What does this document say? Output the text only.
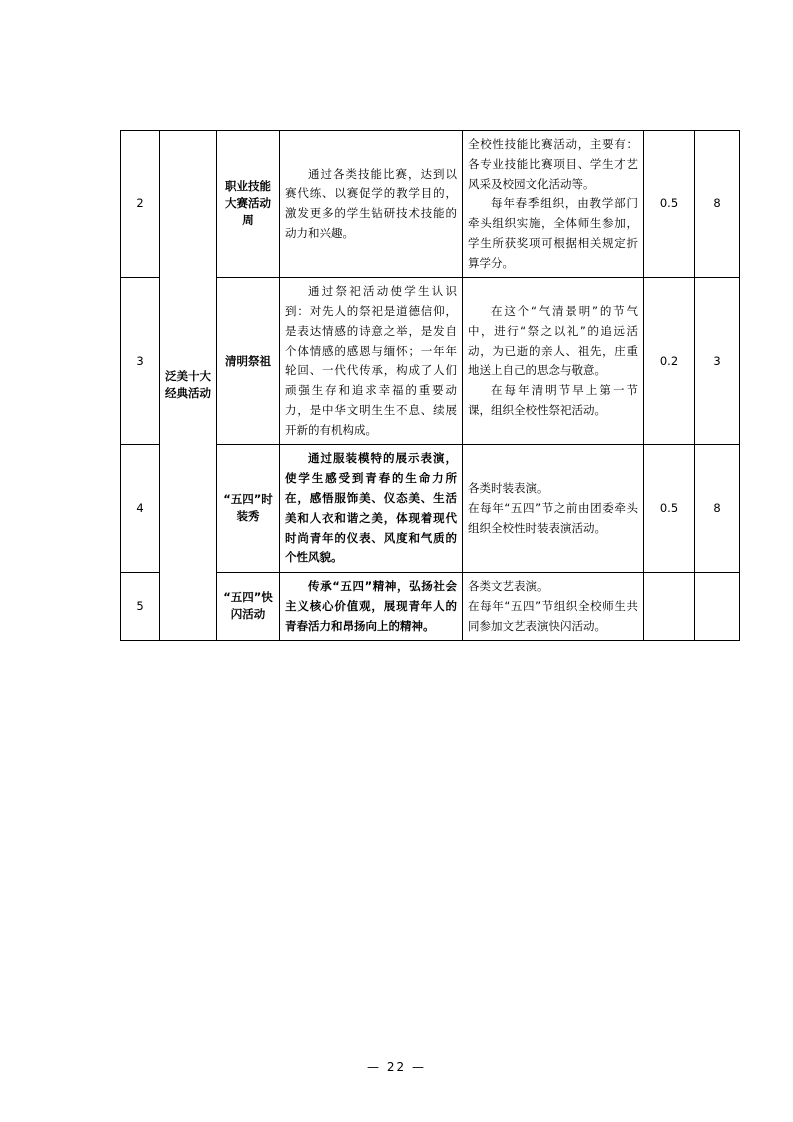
2	泛美十大经典活动	职业技能大赛活动周	通过各类技能比赛，达到以赛代练、以赛促学的教学目的，激发更多的学生钻研技术技能的动力和兴趣。	全校性技能比赛活动，主要有：各专业技能比赛项目、学生才艺风采及校园文化活动等。

每年春季组织，由教学部门牵头组织实施，全体师生参加，学生所获奖项可根据相关规定折算学分。	0.5	8
3		清明祭祖	通过祭祀活动使学生认识到：对先人的祭祀是道德信仰，是表达情感的诗意之举，是发自个体情感的感恩与缅怀；一年年轮回、一代代传承，构成了人们顽强生存和追求幸福的重要动力，是中华文明生生不息、续展开新的有机构成。	在这个“气清景明”的节气中，进行“祭之以礼”的追远活动，为已逝的亲人、祖先，庄重地送上自己的思念与敬意。

在每年清明节早上第一节课，组织全校性祭祀活动。	0.2	3
4		“五四”时装秀	通过服装模特的展示表演，使学生感受到青春的生命力所在，感悟服饰美、仪态美、生活美和人衣和谐之美，体现着现代时尚青年的仪表、风度和气质的个性风貌。	各类时装表演。

在每年“五四”节之前由团委牵头组织全校性时装表演活动。	0.5	8
5		“五四”快闪活动	传承“五四”精神，弘扬社会主义核心价值观，展现青年人的青春活力和昂扬向上的精神。	各类文艺表演。

在每年“五四”节组织全校师生共同参加文艺表演快闪活动。		

— 22 —
